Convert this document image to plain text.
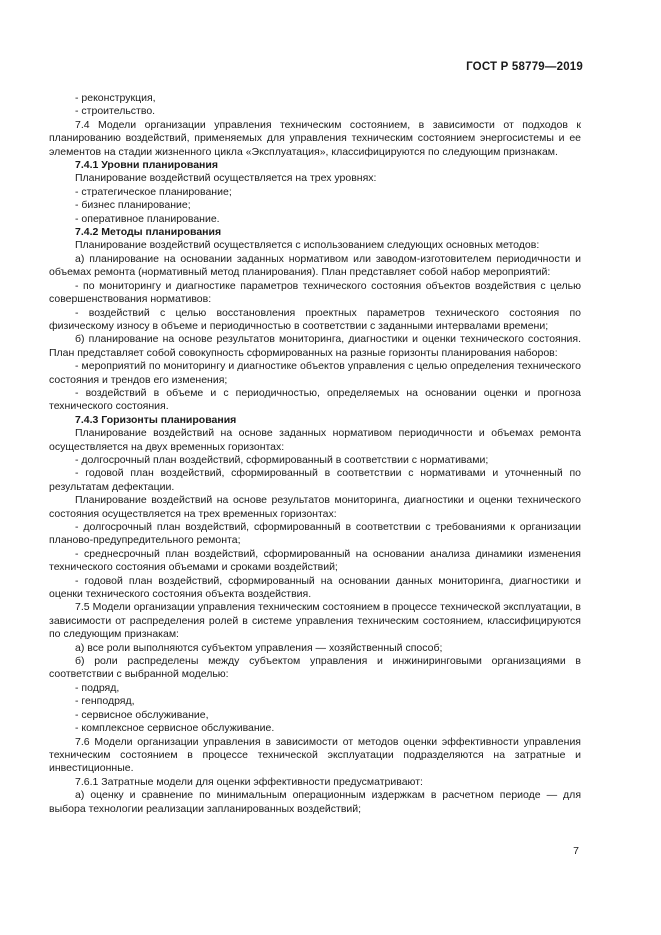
ГОСТ Р 58779—2019

- реконструкция,

- строительство.

7.4 Модели организации управления техническим состоянием, в зависимости от подходов к планированию воздействий, применяемых для управления техническим состоянием энергосистемы и ее элементов на стадии жизненного цикла «Эксплуатация», классифицируются по следующим признакам.

7.4.1 Уровни планирования

Планирование воздействий осуществляется на трех уровнях:

- стратегическое планирование;

- бизнес планирование;

- оперативное планирование.

7.4.2 Методы планирования

Планирование воздействий осуществляется с использованием следующих основных методов:

а) планирование на основании заданных нормативом или заводом-изготовителем периодичности и объемах ремонта (нормативный метод планирования). План представляет собой набор мероприятий:

- по мониторингу и диагностике параметров технического состояния объектов воздействия с целью совершенствования нормативов:

- воздействий с целью восстановления проектных параметров технического состояния по физическому износу в объеме и периодичностью в соответствии с заданными интервалами времени;

б) планирование на основе результатов мониторинга, диагностики и оценки технического состояния. План представляет собой совокупность сформированных на разные горизонты планирования наборов:

- мероприятий по мониторингу и диагностике объектов управления с целью определения технического состояния и трендов его изменения;

- воздействий в объеме и с периодичностью, определяемых на основании оценки и прогноза технического состояния.

7.4.3 Горизонты планирования

Планирование воздействий на основе заданных нормативом периодичности и объемах ремонта осуществляется на двух временных горизонтах:

- долгосрочный план воздействий, сформированный в соответствии с нормативами;

- годовой план воздействий, сформированный в соответствии с нормативами и уточненный по результатам дефектации.

Планирование воздействий на основе результатов мониторинга, диагностики и оценки технического состояния осуществляется на трех временных горизонтах:

- долгосрочный план воздействий, сформированный в соответствии с требованиями к организации планово-предупредительного ремонта;

- среднесрочный план воздействий, сформированный на основании анализа динамики изменения технического состояния объемами и сроками воздействий;

- годовой план воздействий, сформированный на основании данных мониторинга, диагностики и оценки технического состояния объекта воздействия.

7.5 Модели организации управления техническим состоянием в процессе технической эксплуатации, в зависимости от распределения ролей в системе управления техническим состоянием, классифицируются по следующим признакам:

а) все роли выполняются субъектом управления — хозяйственный способ;

б) роли распределены между субъектом управления и инжиниринговыми организациями в соответствии с выбранной моделью:

- подряд,

- генподряд,

- сервисное обслуживание,

- комплексное сервисное обслуживание.

7.6 Модели организации управления в зависимости от методов оценки эффективности управления техническим состоянием в процессе технической эксплуатации подразделяются на затратные и инвестиционные.

7.6.1 Затратные модели для оценки эффективности предусматривают:

а) оценку и сравнение по минимальным операционным издержкам в расчетном периоде — для выбора технологии реализации запланированных воздействий;

7
